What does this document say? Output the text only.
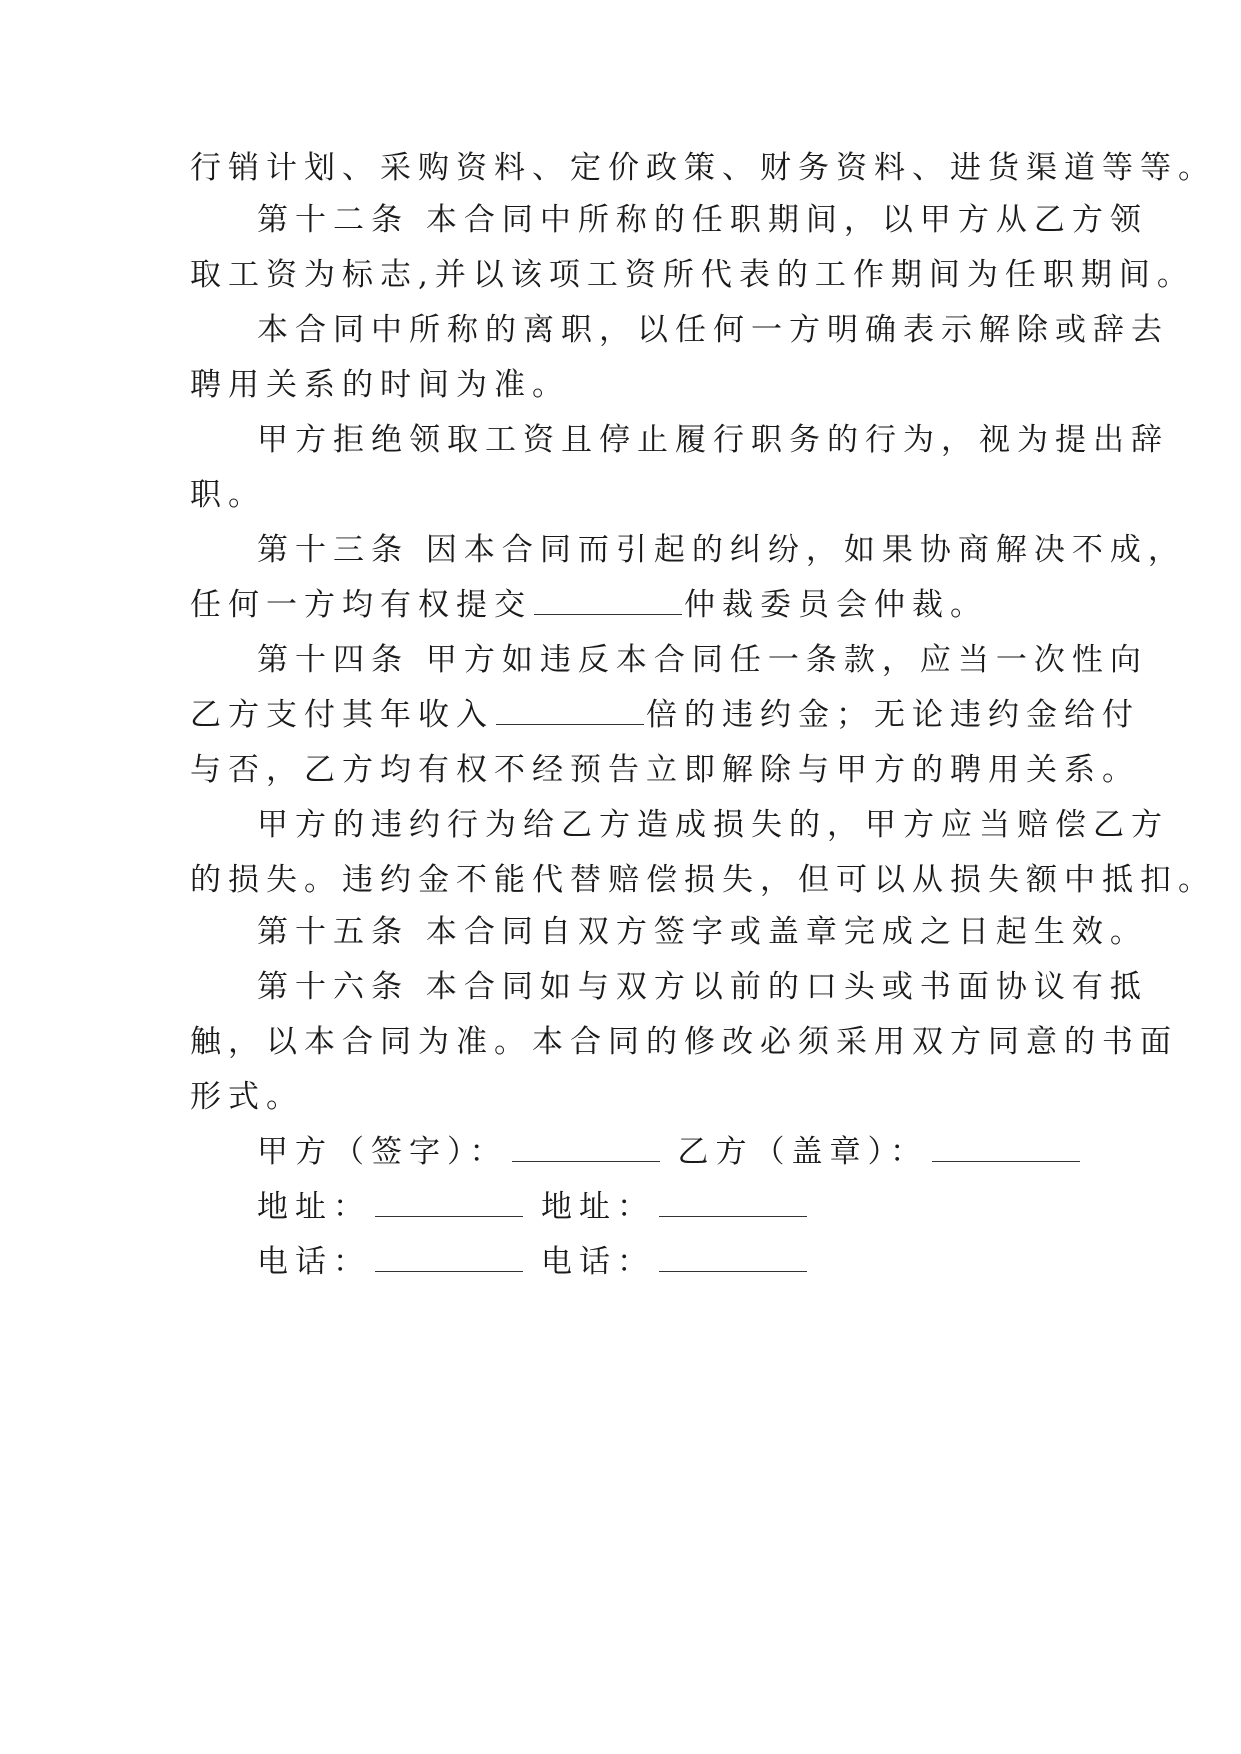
行销计划、采购资料、定价政策、财务资料、进货渠道等等。
第十二条 本合同中所称的任职期间，以甲方从乙方领
取工资为标志,并以该项工资所代表的工作期间为任职期间。
本合同中所称的离职，以任何一方明确表示解除或辞去
聘用关系的时间为准。
甲方拒绝领取工资且停止履行职务的行为，视为提出辞
职。
第十三条 因本合同而引起的纠纷，如果协商解决不成，
任何一方均有权提交	仲裁委员会仲裁。
第十四条 甲方如违反本合同任一条款，应当一次性向
乙方支付其年收入	倍的违约金；无论违约金给付
与否，乙方均有权不经预告立即解除与甲方的聘用关系。
甲方的违约行为给乙方造成损失的，甲方应当赔偿乙方
的损失。违约金不能代替赔偿损失，但可以从损失额中抵扣。
第十五条 本合同自双方签字或盖章完成之日起生效。
第十六条 本合同如与双方以前的口头或书面协议有抵
触，以本合同为准。本合同的修改必须采用双方同意的书面
形式。
甲方（签字）：	乙方（盖章）：
地址：	地址：
电话：	电话：
